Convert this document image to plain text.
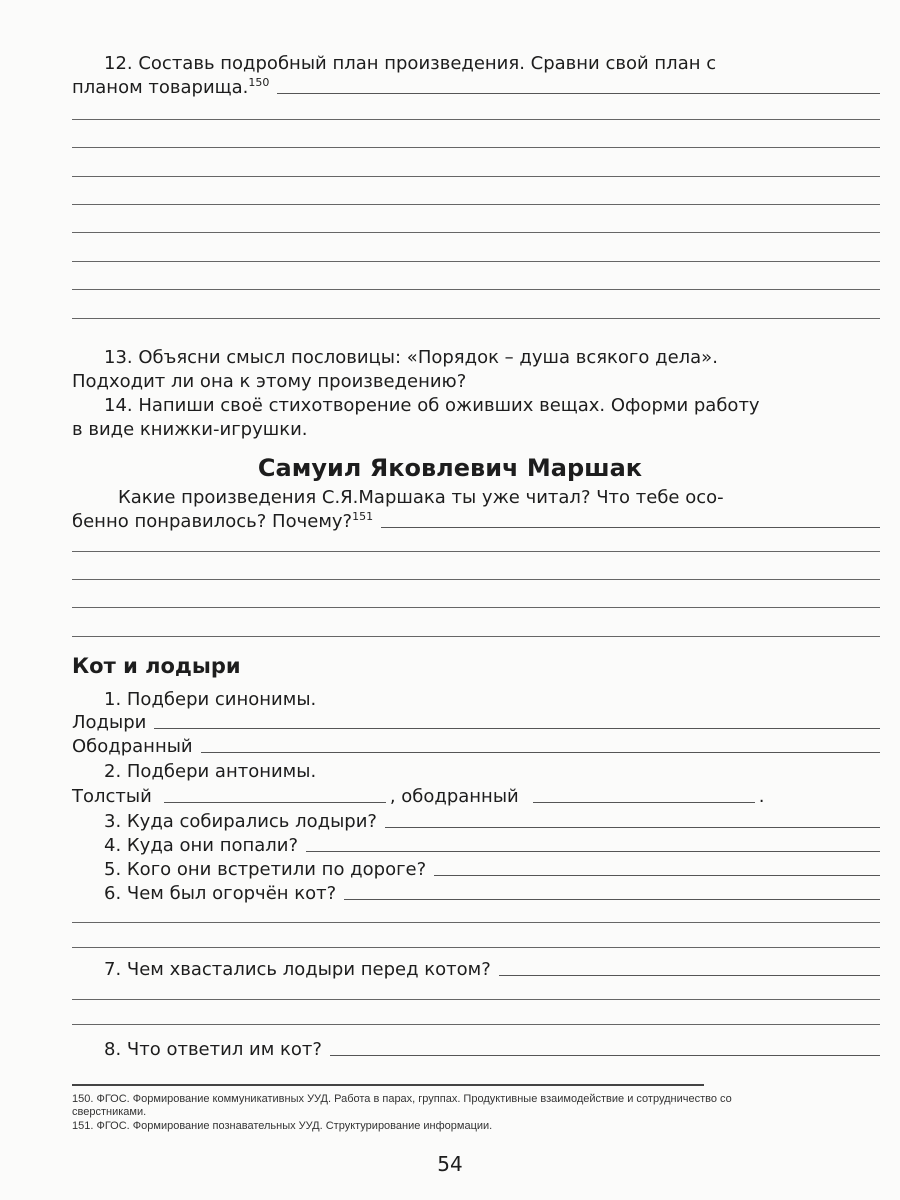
12. Составь подробный план произведения. Сравни свой план с
планом товарища.$^{150}$
13. Объясни смысл пословицы: «Порядок – душа всякого дела».
Подходит ли она к этому произведению?
14. Напиши своё стихотворение об оживших вещах. Оформи работу
в виде книжки-игрушки.
Самуил Яковлевич Маршак
Какие произведения С.Я.Маршака ты уже читал? Что тебе осо-
бенно понравилось? Почему?$^{151}$
Кот и лодыри
1. Подбери синонимы.
Лодыри
Ободранный
2. Подбери антонимы.
Толстый	, ободранный	.
3. Куда собирались лодыри?
4. Куда они попали?
5. Кого они встретили по дороге?
6. Чем был огорчён кот?
7. Чем хвастались лодыри перед котом?
8. Что ответил им кот?
150. ФГОС. Формирование коммуникативных УУД. Работа в парах, группах. Продуктивные взаимодействие и сотрудничество со
сверстниками.
151. ФГОС. Формирование познавательных УУД. Структурирование информации.
54
